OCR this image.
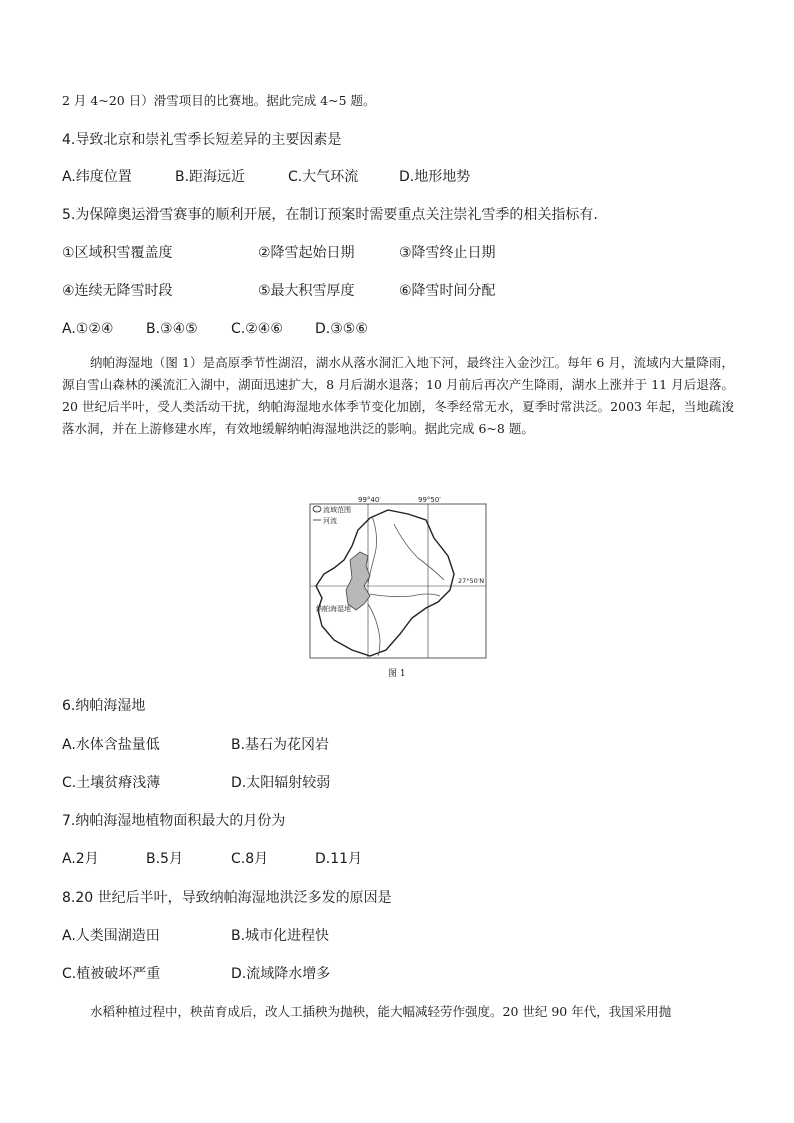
2 月 4~20 日）滑雪项目的比赛地。据此完成 4~5 题。
4.导致北京和崇礼雪季长短差异的主要因素是
A.纬度位置	B.距海远近	C.大气环流	D.地形地势
5.为保障奥运滑雪赛事的顺利开展，在制订预案时需要重点关注崇礼雪季的相关指标有.
①区域积雪覆盖度	②降雪起始日期	③降雪终止日期
④连续无降雪时段	⑤最大积雪厚度	⑥降雪时间分配
A.①②④ B.③④⑤ C.②④⑥ D.③⑤⑥

纳帕海湿地（图 1）是高原季节性湖沼，湖水从落水洞汇入地下河，最终注入金沙江。每年 6 月，流域内大量降雨，源自雪山森林的溪流汇入湖中，湖面迅速扩大，8 月后湖水退落；10 月前后再次产生降雨，湖水上涨并于 11 月后退落。20 世纪后半叶，受人类活动干扰，纳帕海湿地水体季节变化加剧，冬季经常无水，夏季时常洪泛。2003 年起，当地疏浚落水洞，并在上游修建水库，有效地缓解纳帕海湿地洪泛的影响。据此完成 6~8 题。

流域范围
河流
99°40′	99°50′
27°50′N
纳帕海湿地
图 1
6.纳帕海湿地
A.水体含盐量低	B.基石为花冈岩
C.土壤贫瘠浅薄	D.太阳辐射较弱
7.纳帕海湿地植物面积最大的月份为
A.2月	B.5月	C.8月	D.11月
8.20 世纪后半叶，导致纳帕海湿地洪泛多发的原因是
A.人类围湖造田	B.城市化进程快
C.植被破坏严重	D.流域降水增多

水稻种植过程中，秧苗育成后，改人工插秧为抛秧，能大幅减轻劳作强度。20 世纪 90 年代，我国采用抛
